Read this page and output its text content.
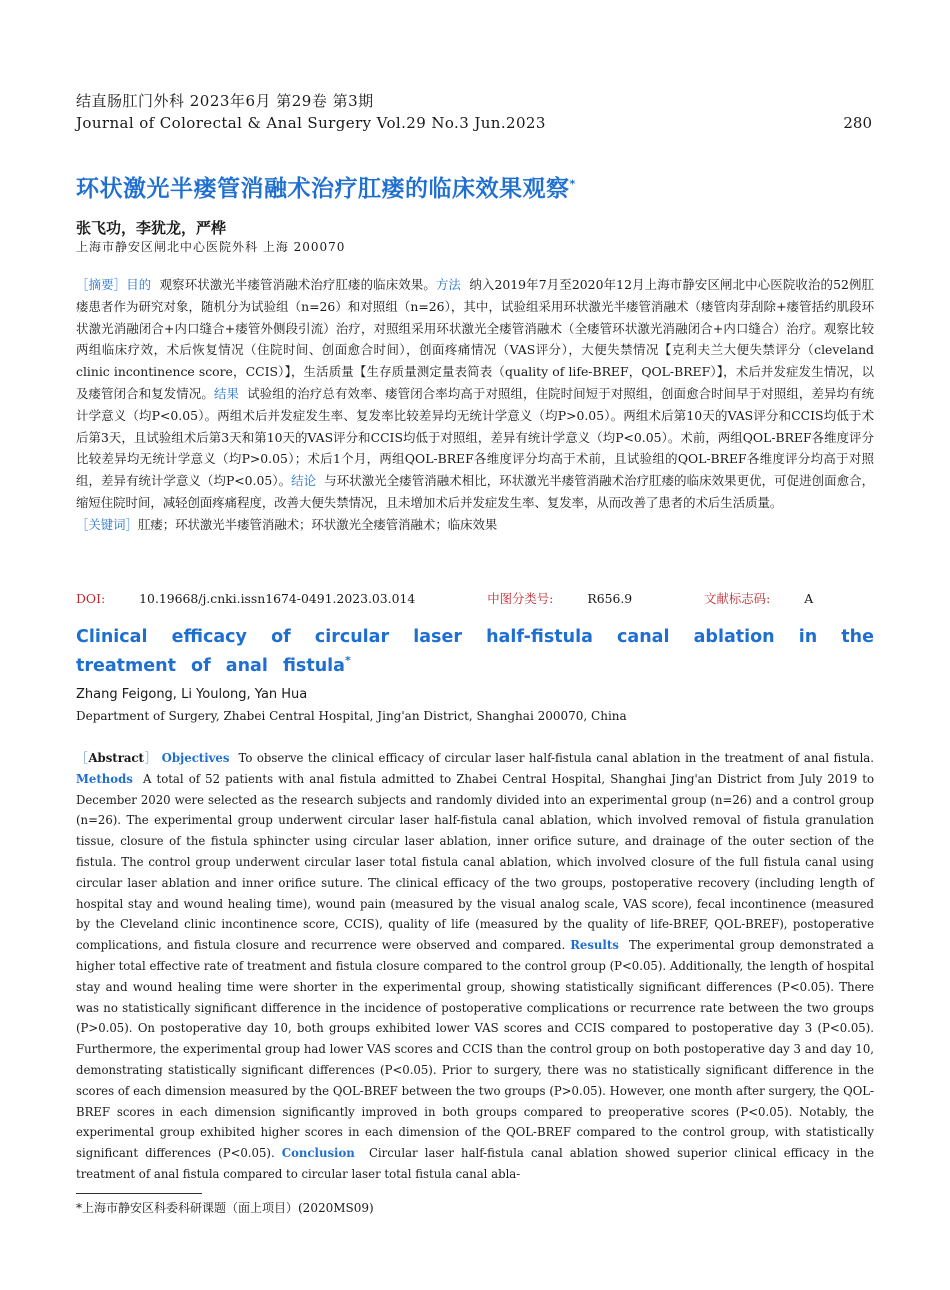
结直肠肛门外科 2023年6月 第29卷 第3期
Journal of Colorectal & Anal Surgery Vol.29 No.3 Jun.2023	280
环状激光半瘘管消融术治疗肛瘘的临床效果观察*
张飞功，李犹龙，严桦
上海市静安区闸北中心医院外科 上海 200070
［摘要］目的 观察环状激光半瘘管消融术治疗肛瘘的临床效果。方法 纳入2019年7月至2020年12月上海市静安区闸北中心医院收治的52例肛瘘患者作为研究对象，随机分为试验组（n=26）和对照组（n=26），其中，试验组采用环状激光半瘘管消融术（瘘管肉芽刮除+瘘管括约肌段环状激光消融闭合+内口缝合+瘘管外侧段引流）治疗，对照组采用环状激光全瘘管消融术（全瘘管环状激光消融闭合+内口缝合）治疗。观察比较两组临床疗效，术后恢复情况（住院时间、创面愈合时间），创面疼痛情况（VAS评分），大便失禁情况【克利夫兰大便失禁评分（cleveland clinic incontinence score，CCIS）】，生活质量【生存质量测定量表简表（quality of life-BREF，QOL-BREF）】，术后并发症发生情况，以及瘘管闭合和复发情况。结果 试验组的治疗总有效率、瘘管闭合率均高于对照组，住院时间短于对照组，创面愈合时间早于对照组，差异均有统计学意义（均P<0.05）。两组术后并发症发生率、复发率比较差异均无统计学意义（均P>0.05）。两组术后第10天的VAS评分和CCIS均低于术后第3天，且试验组术后第3天和第10天的VAS评分和CCIS均低于对照组，差异有统计学意义（均P<0.05）。术前，两组QOL-BREF各维度评分比较差异均无统计学意义（均P>0.05）；术后1个月，两组QOL-BREF各维度评分均高于术前，且试验组的QOL-BREF各维度评分均高于对照组，差异有统计学意义（均P<0.05）。结论 与环状激光全瘘管消融术相比，环状激光半瘘管消融术治疗肛瘘的临床效果更优，可促进创面愈合，缩短住院时间，减轻创面疼痛程度，改善大便失禁情况，且未增加术后并发症发生率、复发率，从而改善了患者的术后生活质量。
［关键词］肛瘘；环状激光半瘘管消融术；环状激光全瘘管消融术；临床效果
DOI:	10.19668/j.cnki.issn1674-0491.2023.03.014	中图分类号:	R656.9	文献标志码:	A
Clinical efficacy of circular laser half-fistula canal ablation in the treatment of anal fistula*
Zhang Feigong, Li Youlong, Yan Hua
Department of Surgery, Zhabei Central Hospital, Jing'an District, Shanghai 200070, China
［Abstract］ Objectives To observe the clinical efficacy of circular laser half-fistula canal ablation in the treatment of anal fistula. Methods A total of 52 patients with anal fistula admitted to Zhabei Central Hospital, Shanghai Jing'an District from July 2019 to December 2020 were selected as the research subjects and randomly divided into an experimental group (n=26) and a control group (n=26). The experimental group underwent circular laser half-fistula canal ablation, which involved removal of fistula granulation tissue, closure of the fistula sphincter using circular laser ablation, inner orifice suture, and drainage of the outer section of the fistula. The control group underwent circular laser total fistula canal ablation, which involved closure of the full fistula canal using circular laser ablation and inner orifice suture. The clinical efficacy of the two groups, postoperative recovery (including length of hospital stay and wound healing time), wound pain (measured by the visual analog scale, VAS score), fecal incontinence (measured by the Cleveland clinic incontinence score, CCIS), quality of life (measured by the quality of life-BREF, QOL-BREF), postoperative complications, and fistula closure and recurrence were observed and compared. Results The experimental group demonstrated a higher total effective rate of treatment and fistula closure compared to the control group (P<0.05). Additionally, the length of hospital stay and wound healing time were shorter in the experimental group, showing statistically significant differences (P<0.05). There was no statistically significant difference in the incidence of postoperative complications or recurrence rate between the two groups (P>0.05). On postoperative day 10, both groups exhibited lower VAS scores and CCIS compared to postoperative day 3 (P<0.05). Furthermore, the experimental group had lower VAS scores and CCIS than the control group on both postoperative day 3 and day 10, demonstrating statistically significant differences (P<0.05). Prior to surgery, there was no statistically significant difference in the scores of each dimension measured by the QOL-BREF between the two groups (P>0.05). However, one month after surgery, the QOL-BREF scores in each dimension significantly improved in both groups compared to preoperative scores (P<0.05). Notably, the experimental group exhibited higher scores in each dimension of the QOL-BREF compared to the control group, with statistically significant differences (P<0.05). Conclusion Circular laser half-fistula canal ablation showed superior clinical efficacy in the treatment of anal fistula compared to circular laser total fistula canal abla-
*上海市静安区科委科研课题（面上项目）(2020MS09)
